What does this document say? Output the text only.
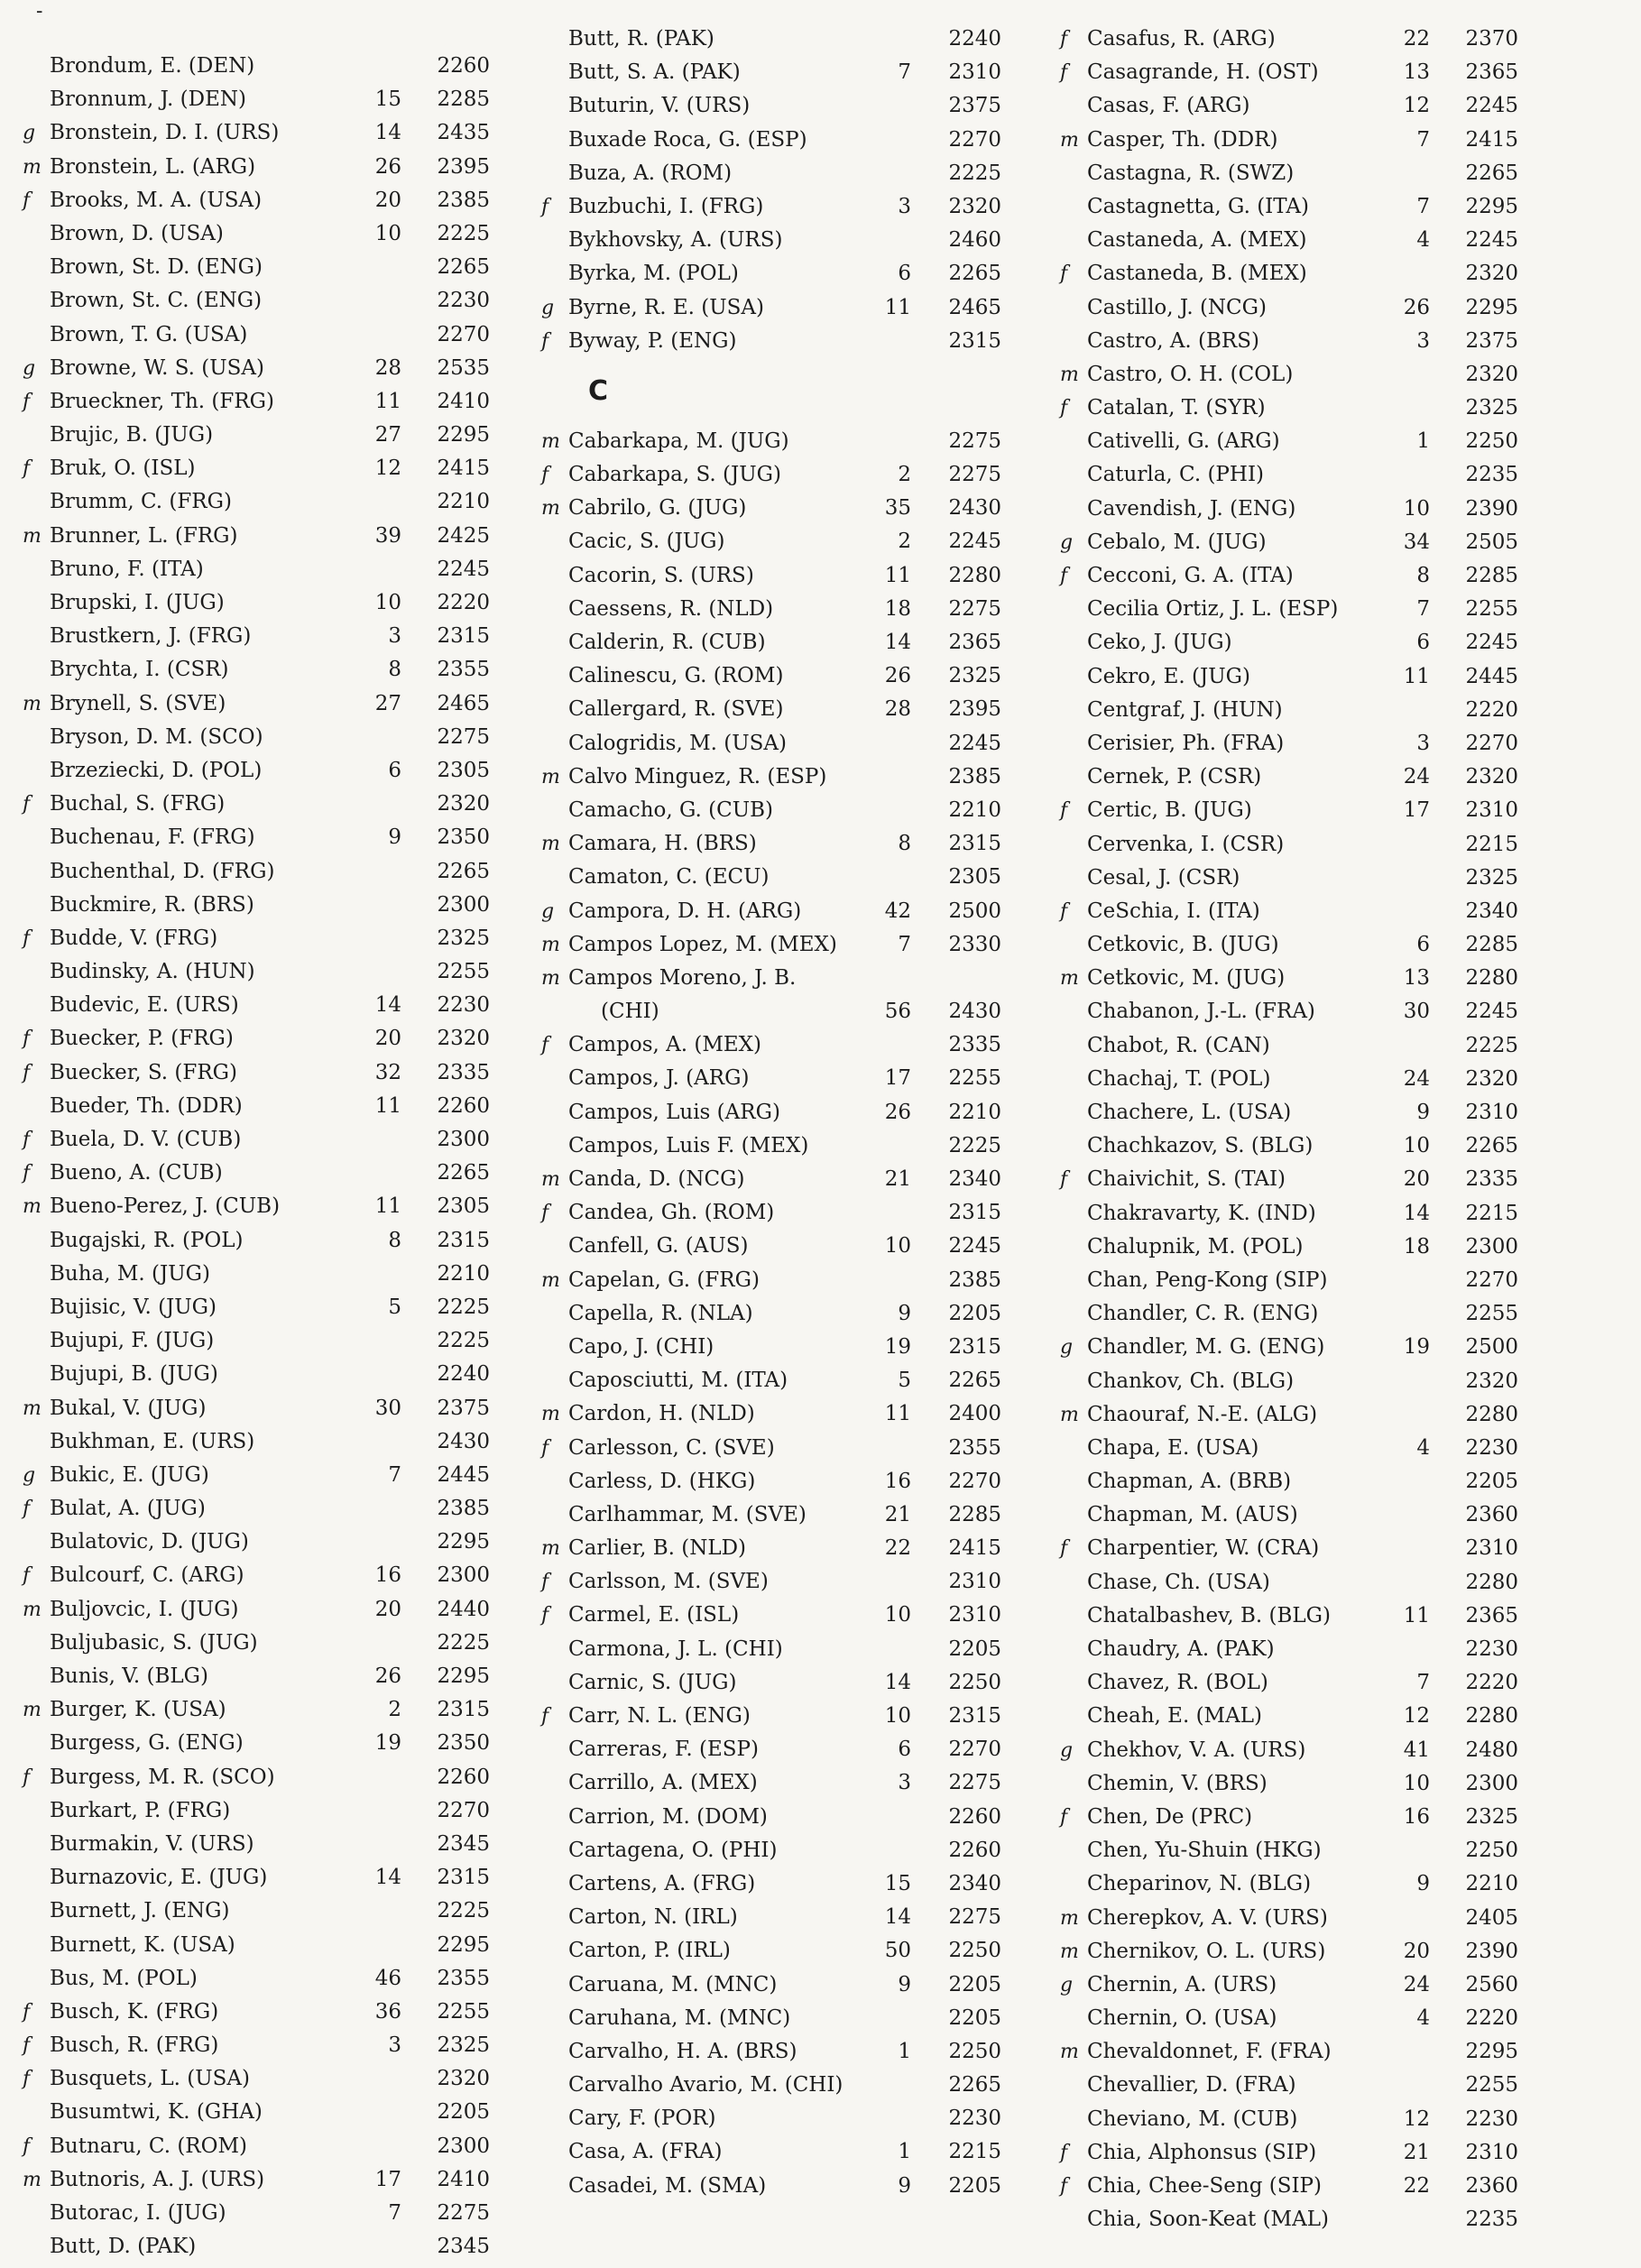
-
Brondum, E. (DEN)	2260
Bronnum, J. (DEN)	15	2285
g Bronstein, D. I. (URS)	14	2435
m Bronstein, L. (ARG)	26	2395
f Brooks, M. A. (USA)	20	2385
Brown, D. (USA)	10	2225
Brown, St. D. (ENG)	2265
Brown, St. C. (ENG)	2230
Brown, T. G. (USA)	2270
g Browne, W. S. (USA)	28	2535
f Brueckner, Th. (FRG)	11	2410
Brujic, B. (JUG)	27	2295
f Bruk, O. (ISL)	12	2415
Brumm, C. (FRG)	2210
m Brunner, L. (FRG)	39	2425
Bruno, F. (ITA)	2245
Brupski, I. (JUG)	10	2220
Brustkern, J. (FRG)	3	2315
Brychta, I. (CSR)	8	2355
m Brynell, S. (SVE)	27	2465
Bryson, D. M. (SCO)	2275
Brzeziecki, D. (POL)	6	2305
f Buchal, S. (FRG)	2320
Buchenau, F. (FRG)	9	2350
Buchenthal, D. (FRG)	2265
Buckmire, R. (BRS)	2300
f Budde, V. (FRG)	2325
Budinsky, A. (HUN)	2255
Budevic, E. (URS)	14	2230
f Buecker, P. (FRG)	20	2320
f Buecker, S. (FRG)	32	2335
Bueder, Th. (DDR)	11	2260
f Buela, D. V. (CUB)	2300
f Bueno, A. (CUB)	2265
m Bueno-Perez, J. (CUB)	11	2305
Bugajski, R. (POL)	8	2315
Buha, M. (JUG)	2210
Bujisic, V. (JUG)	5	2225
Bujupi, F. (JUG)	2225
Bujupi, B. (JUG)	2240
m Bukal, V. (JUG)	30	2375
Bukhman, E. (URS)	2430
g Bukic, E. (JUG)	7	2445
f Bulat, A. (JUG)	2385
Bulatovic, D. (JUG)	2295
f Bulcourf, C. (ARG)	16	2300
m Buljovcic, I. (JUG)	20	2440
Buljubasic, S. (JUG)	2225
Bunis, V. (BLG)	26	2295
m Burger, K. (USA)	2	2315
Burgess, G. (ENG)	19	2350
f Burgess, M. R. (SCO)	2260
Burkart, P. (FRG)	2270
Burmakin, V. (URS)	2345
Burnazovic, E. (JUG)	14	2315
Burnett, J. (ENG)	2225
Burnett, K. (USA)	2295
Bus, M. (POL)	46	2355
f Busch, K. (FRG)	36	2255
f Busch, R. (FRG)	3	2325
f Busquets, L. (USA)	2320
Busumtwi, K. (GHA)	2205
f Butnaru, C. (ROM)	2300
m Butnoris, A. J. (URS)	17	2410
Butorac, I. (JUG)	7	2275
Butt, D. (PAK)	2345
Butt, R. (PAK)	2240
Butt, S. A. (PAK)	7	2310
Buturin, V. (URS)	2375
Buxade Roca, G. (ESP)	2270
Buza, A. (ROM)	2225
f Buzbuchi, I. (FRG)	3	2320
Bykhovsky, A. (URS)	2460
Byrka, M. (POL)	6	2265
g Byrne, R. E. (USA)	11	2465
f Byway, P. (ENG)	2315
C
m Cabarkapa, M. (JUG)	2275
f Cabarkapa, S. (JUG)	2	2275
m Cabrilo, G. (JUG)	35	2430
Cacic, S. (JUG)	2	2245
Cacorin, S. (URS)	11	2280
Caessens, R. (NLD)	18	2275
Calderin, R. (CUB)	14	2365
Calinescu, G. (ROM)	26	2325
Callergard, R. (SVE)	28	2395
Calogridis, M. (USA)	2245
m Calvo Minguez, R. (ESP)	2385
Camacho, G. (CUB)	2210
m Camara, H. (BRS)	8	2315
Camaton, C. (ECU)	2305
g Campora, D. H. (ARG)	42	2500
m Campos Lopez, M. (MEX)	7	2330
m Campos Moreno, J. B.
(CHI)	56	2430
f Campos, A. (MEX)	2335
Campos, J. (ARG)	17	2255
Campos, Luis (ARG)	26	2210
Campos, Luis F. (MEX)	2225
m Canda, D. (NCG)	21	2340
f Candea, Gh. (ROM)	2315
Canfell, G. (AUS)	10	2245
m Capelan, G. (FRG)	2385
Capella, R. (NLA)	9	2205
Capo, J. (CHI)	19	2315
Caposciutti, M. (ITA)	5	2265
m Cardon, H. (NLD)	11	2400
f Carlesson, C. (SVE)	2355
Carless, D. (HKG)	16	2270
Carlhammar, M. (SVE)	21	2285
m Carlier, B. (NLD)	22	2415
f Carlsson, M. (SVE)	2310
f Carmel, E. (ISL)	10	2310
Carmona, J. L. (CHI)	2205
Carnic, S. (JUG)	14	2250
f Carr, N. L. (ENG)	10	2315
Carreras, F. (ESP)	6	2270
Carrillo, A. (MEX)	3	2275
Carrion, M. (DOM)	2260
Cartagena, O. (PHI)	2260
Cartens, A. (FRG)	15	2340
Carton, N. (IRL)	14	2275
Carton, P. (IRL)	50	2250
Caruana, M. (MNC)	9	2205
Caruhana, M. (MNC)	2205
Carvalho, H. A. (BRS)	1	2250
Carvalho Avario, M. (CHI)	2265
Cary, F. (POR)	2230
Casa, A. (FRA)	1	2215
Casadei, M. (SMA)	9	2205
f Casafus, R. (ARG)	22	2370
f Casagrande, H. (OST)	13	2365
Casas, F. (ARG)	12	2245
m Casper, Th. (DDR)	7	2415
Castagna, R. (SWZ)	2265
Castagnetta, G. (ITA)	7	2295
Castaneda, A. (MEX)	4	2245
f Castaneda, B. (MEX)	2320
Castillo, J. (NCG)	26	2295
Castro, A. (BRS)	3	2375
m Castro, O. H. (COL)	2320
f Catalan, T. (SYR)	2325
Cativelli, G. (ARG)	1	2250
Caturla, C. (PHI)	2235
Cavendish, J. (ENG)	10	2390
g Cebalo, M. (JUG)	34	2505
f Cecconi, G. A. (ITA)	8	2285
Cecilia Ortiz, J. L. (ESP)	7	2255
Ceko, J. (JUG)	6	2245
Cekro, E. (JUG)	11	2445
Centgraf, J. (HUN)	2220
Cerisier, Ph. (FRA)	3	2270
Cernek, P. (CSR)	24	2320
f Certic, B. (JUG)	17	2310
Cervenka, I. (CSR)	2215
Cesal, J. (CSR)	2325
f CeSchia, I. (ITA)	2340
Cetkovic, B. (JUG)	6	2285
m Cetkovic, M. (JUG)	13	2280
Chabanon, J.-L. (FRA)	30	2245
Chabot, R. (CAN)	2225
Chachaj, T. (POL)	24	2320
Chachere, L. (USA)	9	2310
Chachkazov, S. (BLG)	10	2265
f Chaivichit, S. (TAI)	20	2335
Chakravarty, K. (IND)	14	2215
Chalupnik, M. (POL)	18	2300
Chan, Peng-Kong (SIP)	2270
Chandler, C. R. (ENG)	2255
g Chandler, M. G. (ENG)	19	2500
Chankov, Ch. (BLG)	2320
m Chaouraf, N.-E. (ALG)	2280
Chapa, E. (USA)	4	2230
Chapman, A. (BRB)	2205
Chapman, M. (AUS)	2360
f Charpentier, W. (CRA)	2310
Chase, Ch. (USA)	2280
Chatalbashev, B. (BLG)	11	2365
Chaudry, A. (PAK)	2230
Chavez, R. (BOL)	7	2220
Cheah, E. (MAL)	12	2280
g Chekhov, V. A. (URS)	41	2480
Chemin, V. (BRS)	10	2300
f Chen, De (PRC)	16	2325
Chen, Yu-Shuin (HKG)	2250
Cheparinov, N. (BLG)	9	2210
m Cherepkov, A. V. (URS)	2405
m Chernikov, O. L. (URS)	20	2390
g Chernin, A. (URS)	24	2560
Chernin, O. (USA)	4	2220
m Chevaldonnet, F. (FRA)	2295
Chevallier, D. (FRA)	2255
Cheviano, M. (CUB)	12	2230
f Chia, Alphonsus (SIP)	21	2310
f Chia, Chee-Seng (SIP)	22	2360
Chia, Soon-Keat (MAL)	2235
